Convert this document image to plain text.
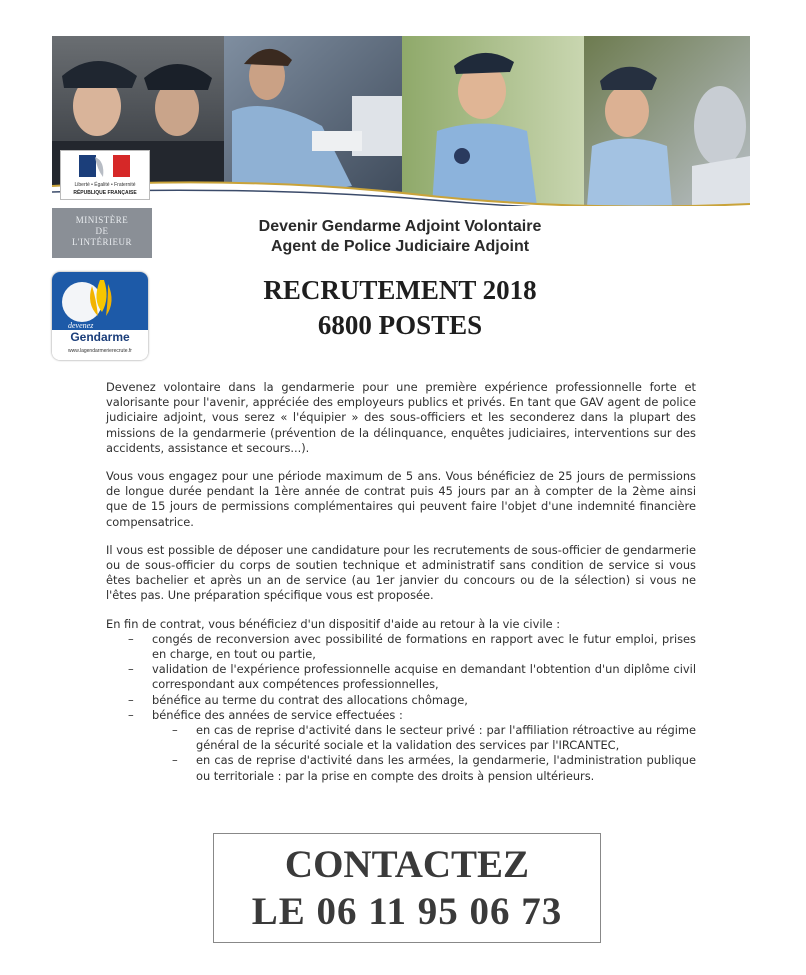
Liberté • Égalité • Fraternité
RÉPUBLIQUE FRANÇAISE
MINISTÈRE
DE
L'INTÉRIEUR
devenez
Gendarme
www.lagendarmerierecrute.fr
Devenir Gendarme Adjoint Volontaire
Agent de Police Judiciaire Adjoint
RECRUTEMENT 2018
6800 POSTES

Devenez volontaire dans la gendarmerie pour une première expérience professionnelle forte et valorisante pour l'avenir, appréciée des employeurs publics et privés. En tant que GAV agent de police judiciaire adjoint, vous serez « l'équipier » des sous-officiers et les seconderez dans la plupart des missions de la gendarmerie (prévention de la délinquance, enquêtes judiciaires, interventions sur des accidents, assistance et secours...).

Vous vous engagez pour une période maximum de 5 ans. Vous bénéficiez de 25 jours de permissions de longue durée pendant la 1ère année de contrat puis 45 jours par an à compter de la 2ème ainsi que de 15 jours de permissions complémentaires qui peuvent faire l'objet d'une indemnité financière compensatrice.

Il vous est possible de déposer une candidature pour les recrutements de sous-officier de gendarmerie ou de sous-officier du corps de soutien technique et administratif sans condition de service si vous êtes bachelier et après un an de service (au 1er janvier du concours ou de la sélection) si vous ne l'êtes pas. Une préparation spécifique vous est proposée.

En fin de contrat, vous bénéficiez d'un dispositif d'aide au retour à la vie civile :
– congés de reconversion avec possibilité de formations en rapport avec le futur emploi, prises en charge, en tout ou partie,
– validation de l'expérience professionnelle acquise en demandant l'obtention d'un diplôme civil correspondant aux compétences professionnelles,
– bénéfice au terme du contrat des allocations chômage,
– bénéfice des années de service effectuées :
– en cas de reprise d'activité dans le secteur privé : par l'affiliation rétroactive au régime général de la sécurité sociale et la validation des services par l'IRCANTEC,
– en cas de reprise d'activité dans les armées, la gendarmerie, l'administration publique ou territoriale : par la prise en compte des droits à pension ultérieurs.
CONTACTEZ
LE 06 11 95 06 73
